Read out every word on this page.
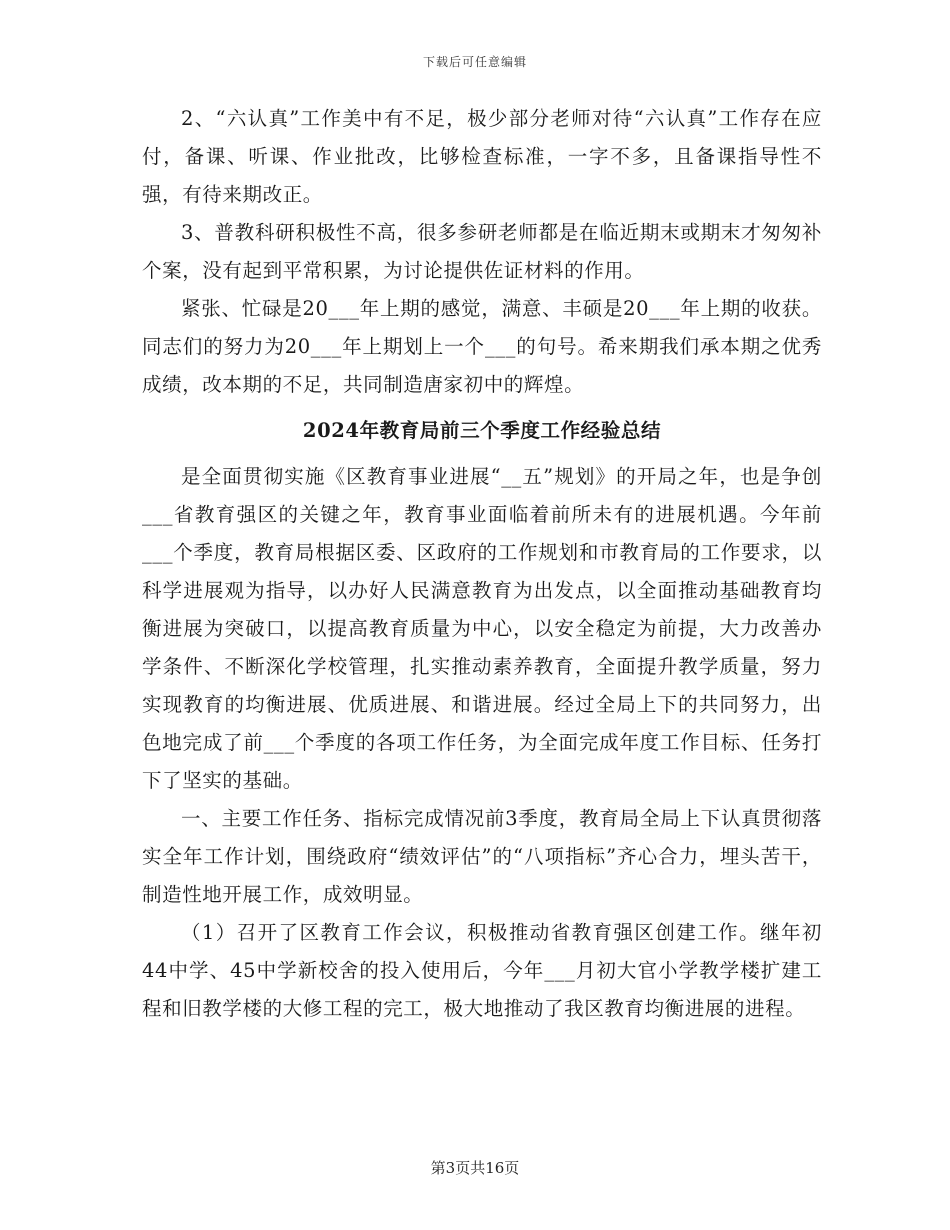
下载后可任意编辑

2、“六认真”工作美中有不足，极少部分老师对待“六认真”工作存在应付，备课、听课、作业批改，比够检查标准，一字不多，且备课指导性不强，有待来期改正。

3、普教科研积极性不高，很多参研老师都是在临近期末或期末才匆匆补个案，没有起到平常积累，为讨论提供佐证材料的作用。

紧张、忙碌是20___年上期的感觉，满意、丰硕是20___年上期的收获。同志们的努力为20___年上期划上一个___的句号。希来期我们承本期之优秀成绩，改本期的不足，共同制造唐家初中的辉煌。

2024年教育局前三个季度工作经验总结

是全面贯彻实施《区教育事业进展“__五”规划》的开局之年，也是争创___省教育强区的关键之年，教育事业面临着前所未有的进展机遇。今年前___个季度，教育局根据区委、区政府的工作规划和市教育局的工作要求，以科学进展观为指导，以办好人民满意教育为出发点，以全面推动基础教育均衡进展为突破口，以提高教育质量为中心，以安全稳定为前提，大力改善办学条件、不断深化学校管理，扎实推动素养教育，全面提升教学质量，努力实现教育的均衡进展、优质进展、和谐进展。经过全局上下的共同努力，出色地完成了前___个季度的各项工作任务，为全面完成年度工作目标、任务打下了坚实的基础。

一、主要工作任务、指标完成情况前3季度，教育局全局上下认真贯彻落实全年工作计划，围绕政府“绩效评估”的“八项指标”齐心合力，埋头苦干，制造性地开展工作，成效明显。

（1）召开了区教育工作会议，积极推动省教育强区创建工作。继年初44中学、45中学新校舍的投入使用后，今年___月初大官小学教学楼扩建工程和旧教学楼的大修工程的完工，极大地推动了我区教育均衡进展的进程。

第3页共16页
